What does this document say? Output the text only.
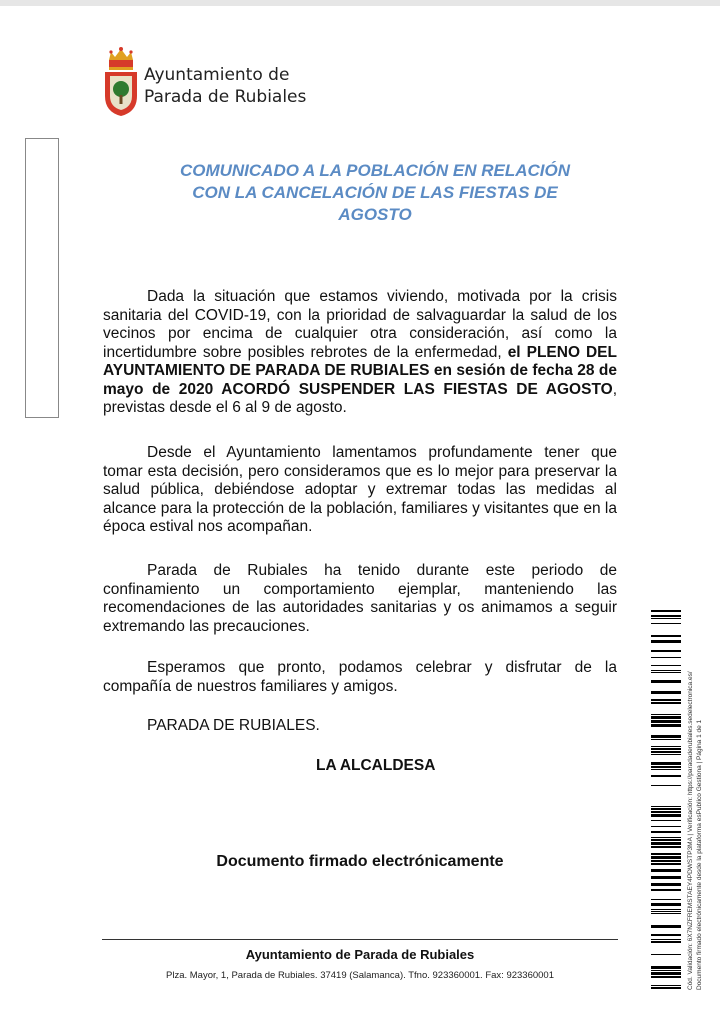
Ayuntamiento de
Parada de Rubiales
COMUNICADO A LA POBLACIÓN EN RELACIÓN
CON LA CANCELACIÓN DE LAS FIESTAS DE
AGOSTO

Dada la situación que estamos viviendo, motivada por la crisis sanitaria del COVID-19, con la prioridad de salvaguardar la salud de los vecinos por encima de cualquier otra consideración, así como la incertidumbre sobre posibles rebrotes de la enfermedad, el PLENO DEL AYUNTAMIENTO DE PARADA DE RUBIALES en sesión de fecha 28 de mayo de 2020 ACORDÓ SUSPENDER LAS FIESTAS DE AGOSTO, previstas desde el 6 al 9 de agosto.

Desde el Ayuntamiento lamentamos profundamente tener que tomar esta decisión, pero consideramos que es lo mejor para preservar la salud pública, debiéndose adoptar y extremar todas las medidas al alcance para la protección de la población, familiares y visitantes que en la época estival nos acompañan.

Parada de Rubiales ha tenido durante este periodo de confinamiento un comportamiento ejemplar, manteniendo las recomendaciones de las autoridades sanitarias y os animamos a seguir extremando las precauciones.

Esperamos que pronto, podamos celebrar y disfrutar de la compañía de nuestros familiares y amigos.

PARADA DE RUBIALES.

LA ALCALDESA
Documento firmado electrónicamente
Ayuntamiento de Parada de Rubiales
Plza. Mayor, 1, Parada de Rubiales. 37419 (Salamanca). Tfno. 923360001. Fax: 923360001	Cód. Validación: 6X7NZFREMSTAEY4PDWSTP3MA | Verificación: https://paradaderubiales.sedelectronica.es/ Documento firmado electrónicamente desde la plataforma esPublico Gestiona | Página 1 de 1
